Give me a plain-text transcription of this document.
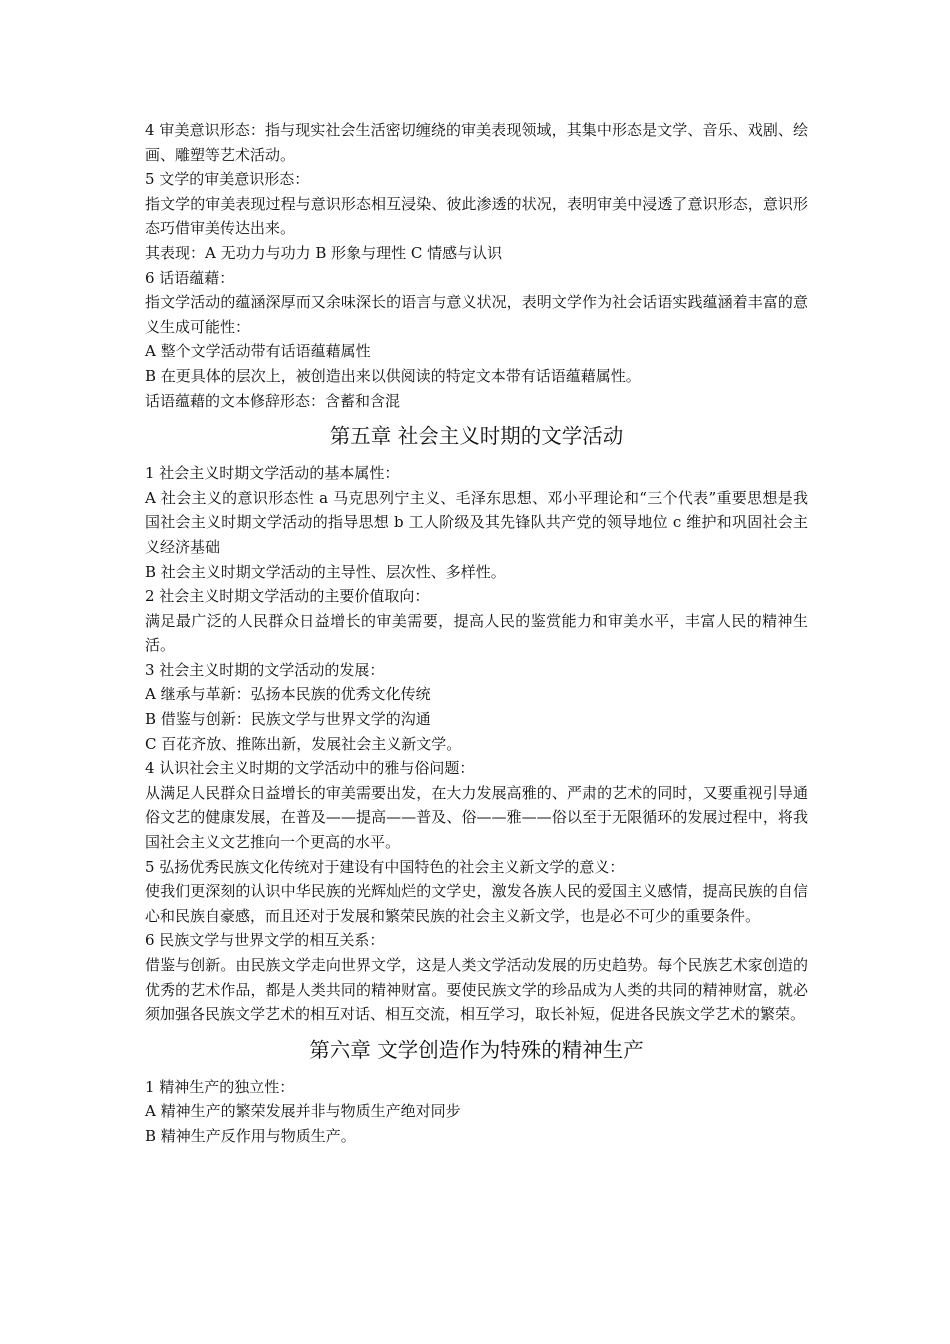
4 审美意识形态：指与现实社会生活密切缠绕的审美表现领域，其集中形态是文学、音乐、戏剧、绘画、雕塑等艺术活动。

5 文学的审美意识形态：

指文学的审美表现过程与意识形态相互浸染、彼此渗透的状况，表明审美中浸透了意识形态，意识形态巧借审美传达出来。

其表现：A 无功力与功力 B 形象与理性 C 情感与认识

6 话语蕴藉：

指文学活动的蕴涵深厚而又余味深长的语言与意义状况，表明文学作为社会话语实践蕴涵着丰富的意义生成可能性：

A 整个文学活动带有话语蕴藉属性

B 在更具体的层次上，被创造出来以供阅读的特定文本带有话语蕴藉属性。

话语蕴藉的文本修辞形态：含蓄和含混

第五章 社会主义时期的文学活动

1 社会主义时期文学活动的基本属性：

A 社会主义的意识形态性 a 马克思列宁主义、毛泽东思想、邓小平理论和“三个代表”重要思想是我国社会主义时期文学活动的指导思想 b 工人阶级及其先锋队共产党的领导地位 c 维护和巩固社会主义经济基础

B 社会主义时期文学活动的主导性、层次性、多样性。

2 社会主义时期文学活动的主要价值取向：

满足最广泛的人民群众日益增长的审美需要，提高人民的鉴赏能力和审美水平，丰富人民的精神生活。

3 社会主义时期的文学活动的发展：

A 继承与革新：弘扬本民族的优秀文化传统

B 借鉴与创新：民族文学与世界文学的沟通

C 百花齐放、推陈出新，发展社会主义新文学。

4 认识社会主义时期的文学活动中的雅与俗问题：

从满足人民群众日益增长的审美需要出发，在大力发展高雅的、严肃的艺术的同时，又要重视引导通俗文艺的健康发展，在普及——提高——普及、俗——雅——俗以至于无限循环的发展过程中，将我国社会主义文艺推向一个更高的水平。

5 弘扬优秀民族文化传统对于建设有中国特色的社会主义新文学的意义：

使我们更深刻的认识中华民族的光辉灿烂的文学史，激发各族人民的爱国主义感情，提高民族的自信心和民族自豪感，而且还对于发展和繁荣民族的社会主义新文学，也是必不可少的重要条件。

6 民族文学与世界文学的相互关系：

借鉴与创新。由民族文学走向世界文学，这是人类文学活动发展的历史趋势。每个民族艺术家创造的优秀的艺术作品，都是人类共同的精神财富。要使民族文学的珍品成为人类的共同的精神财富，就必须加强各民族文学艺术的相互对话、相互交流，相互学习，取长补短，促进各民族文学艺术的繁荣。

第六章 文学创造作为特殊的精神生产

1 精神生产的独立性：

A 精神生产的繁荣发展并非与物质生产绝对同步

B 精神生产反作用与物质生产。
